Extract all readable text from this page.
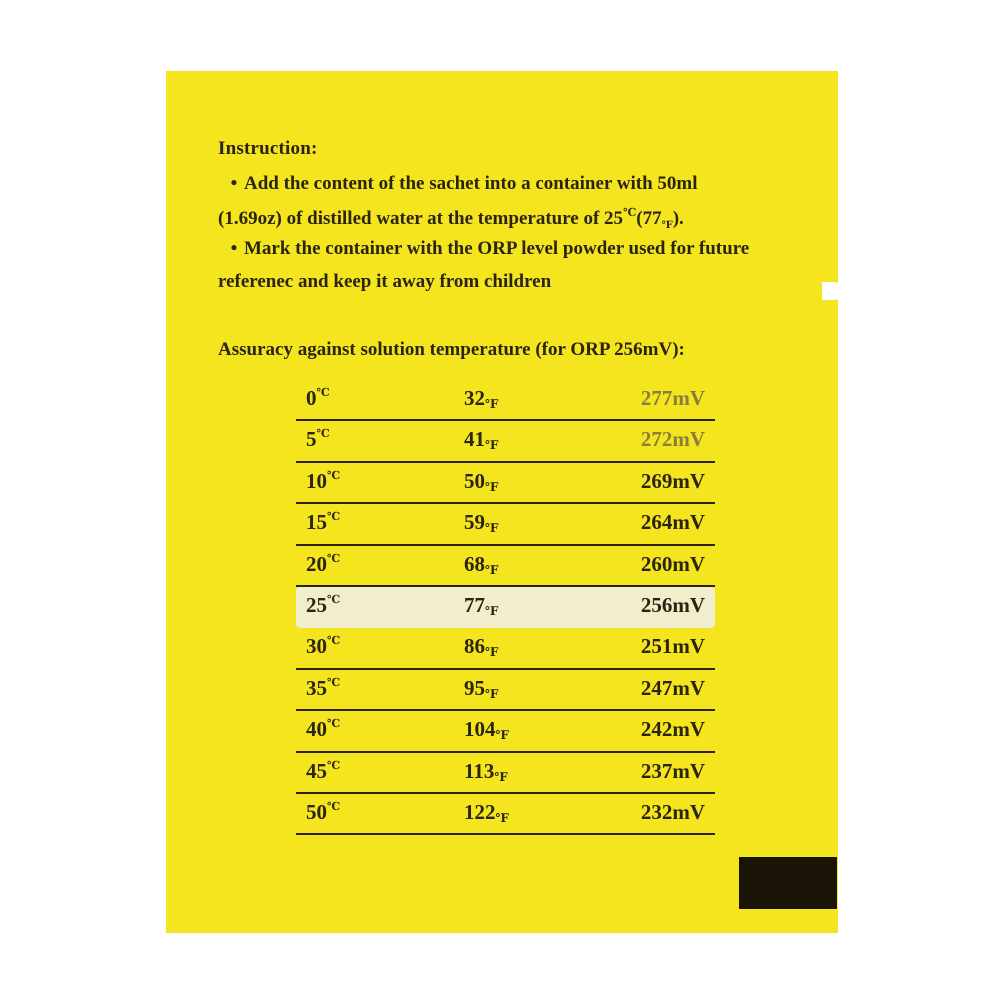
Instruction:

• Add the content of the sachet into a container with 50ml

(1.69oz) of distilled water at the temperature of $25^℃(77_℉)$.

• Mark the container with the ORP level powder used for future

referenec and keep it away from children

Assuracy against solution temperature (for ORP 256mV):

0℃	32℉	277mV
5℃	41℉	272mV
10℃	50℉	269mV
15℃	59℉	264mV
20℃	68℉	260mV
25℃	77℉	256mV
30℃	86℉	251mV
35℃	95℉	247mV
40℃	104℉	242mV
45℃	113℉	237mV
50℃	122℉	232mV
